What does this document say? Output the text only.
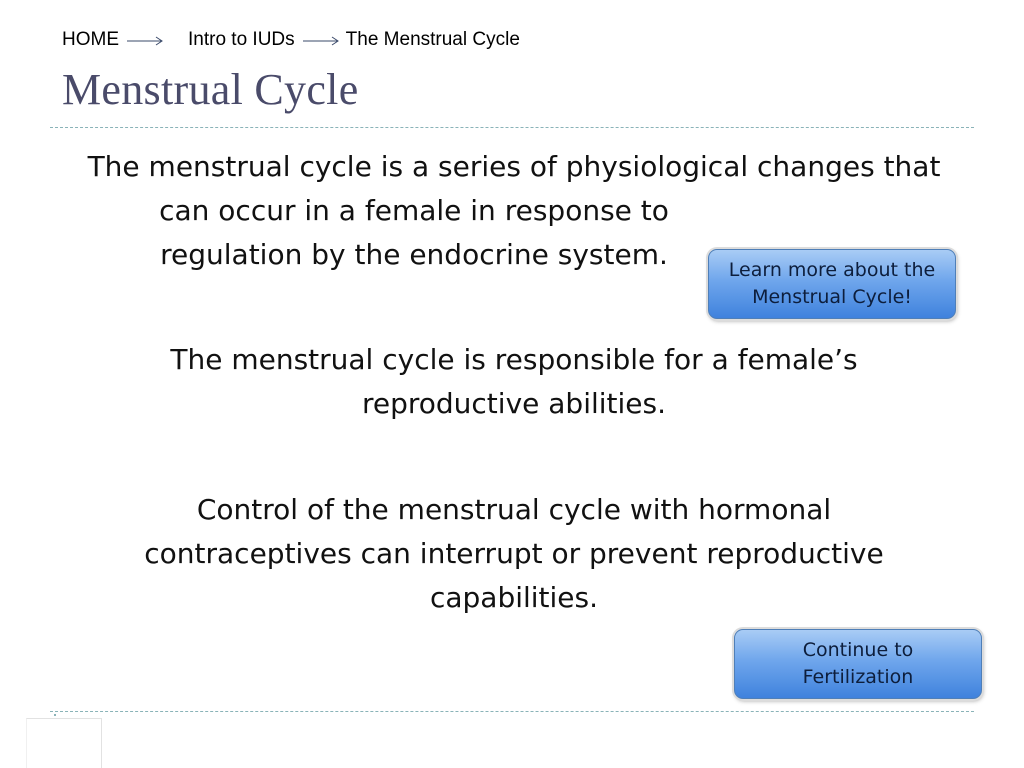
HOME	Intro to IUDs	The Menstrual Cycle
Menstrual Cycle
The menstrual cycle is a series of physiological changes that
can occur in a female in response to regulation by the endocrine system.	Learn more about the Menstrual Cycle!
The menstrual cycle is responsible for a female’s
reproductive abilities.
Control of the menstrual cycle with hormonal
contraceptives can interrupt or prevent reproductive capabilities.
Continue to Fertilization
